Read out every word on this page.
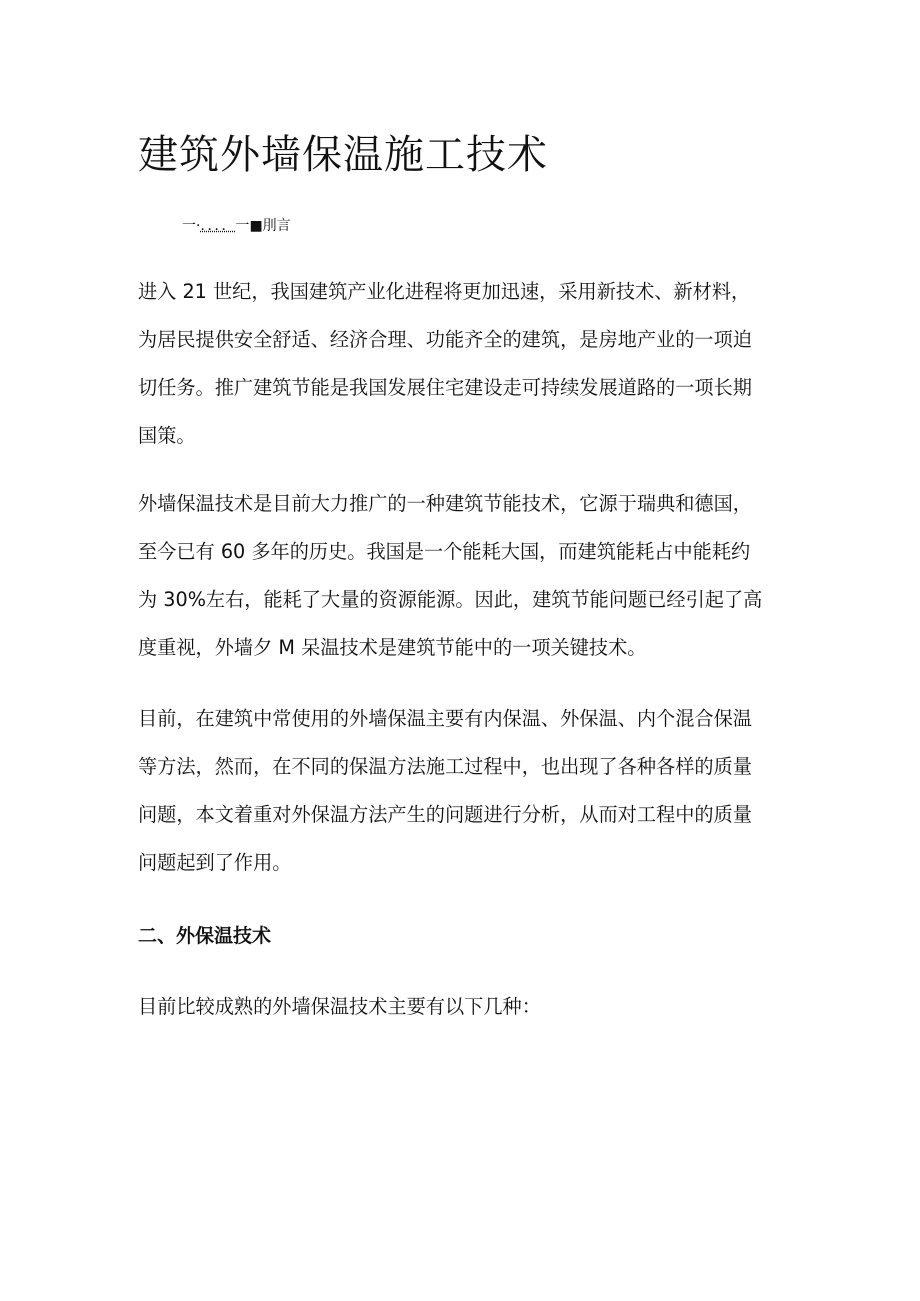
建筑外墙保温施工技术
一·．．．．一■刖言
进入 21 世纪，我国建筑产业化进程将更加迅速，采用新技术、新材料，
为居民提供安全舒适、经济合理、功能齐全的建筑，是房地产业的一项迫
切任务。推广建筑节能是我国发展住宅建设走可持续发展道路的一项长期
国策。
外墙保温技术是目前大力推广的一种建筑节能技术，它源于瑞典和德国，
至今已有 60 多年的历史。我国是一个能耗大国，而建筑能耗占中能耗约
为 30%左右，能耗了大量的资源能源。因此，建筑节能问题已经引起了高
度重视，外墙夕 M 呆温技术是建筑节能中的一项关键技术。
目前，在建筑中常使用的外墙保温主要有内保温、外保温、内个混合保温
等方法，然而，在不同的保温方法施工过程中，也出现了各种各样的质量
问题，本文着重对外保温方法产生的问题进行分析，从而对工程中的质量
问题起到了作用。
二、外保温技术
目前比较成熟的外墙保温技术主要有以下几种：
